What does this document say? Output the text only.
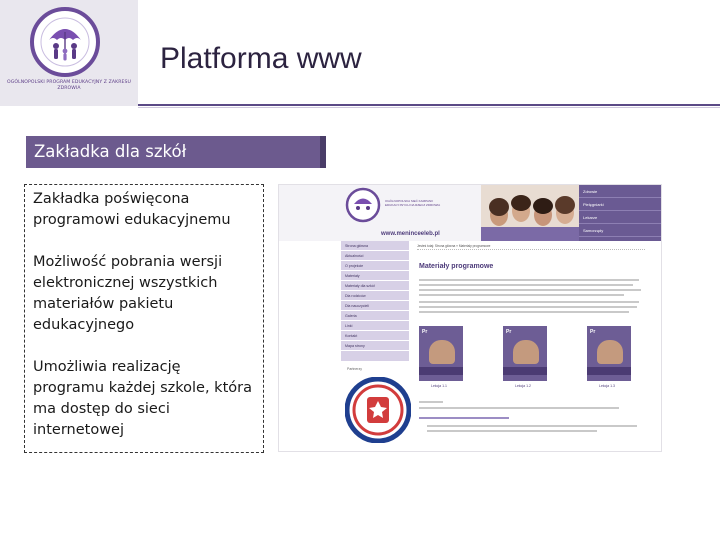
OGÓLNOPOLSKI PROGRAM EDUKACYJNY Z ZAKRESU ZDROWIA
Platforma www
Zakładka dla szkół

Zakładka poświęcona programowi edukacyjnemu

Możliwość pobrania wersji elektronicznej wszystkich materiałów pakietu edukacyjnego

Umożliwia realizację programu każdej szkole, która ma dostęp do sieci internetowej

OGÓLNOPOLSKA SIEĆ KAMPANII EDUKACYJNYCH NA RZECZ ZDROWIA
Zdrowie
Pielęgniarki
Lekarze
Samorządy
www.meninceeleb.pl
Strona główna
Aktualności
O projekcie
Materiały
Materiały dla szkół
Dla rodziców
Dla nauczycieli
Galeria
Linki
Kontakt
Mapa strony
Partnerzy
Jesteś tutaj: Strona główna » Materiały programowe
Materiały programowe
Pr	Pr	Pr
Lekcja 1.1	Lekcja 1.2	Lekcja 1.3
